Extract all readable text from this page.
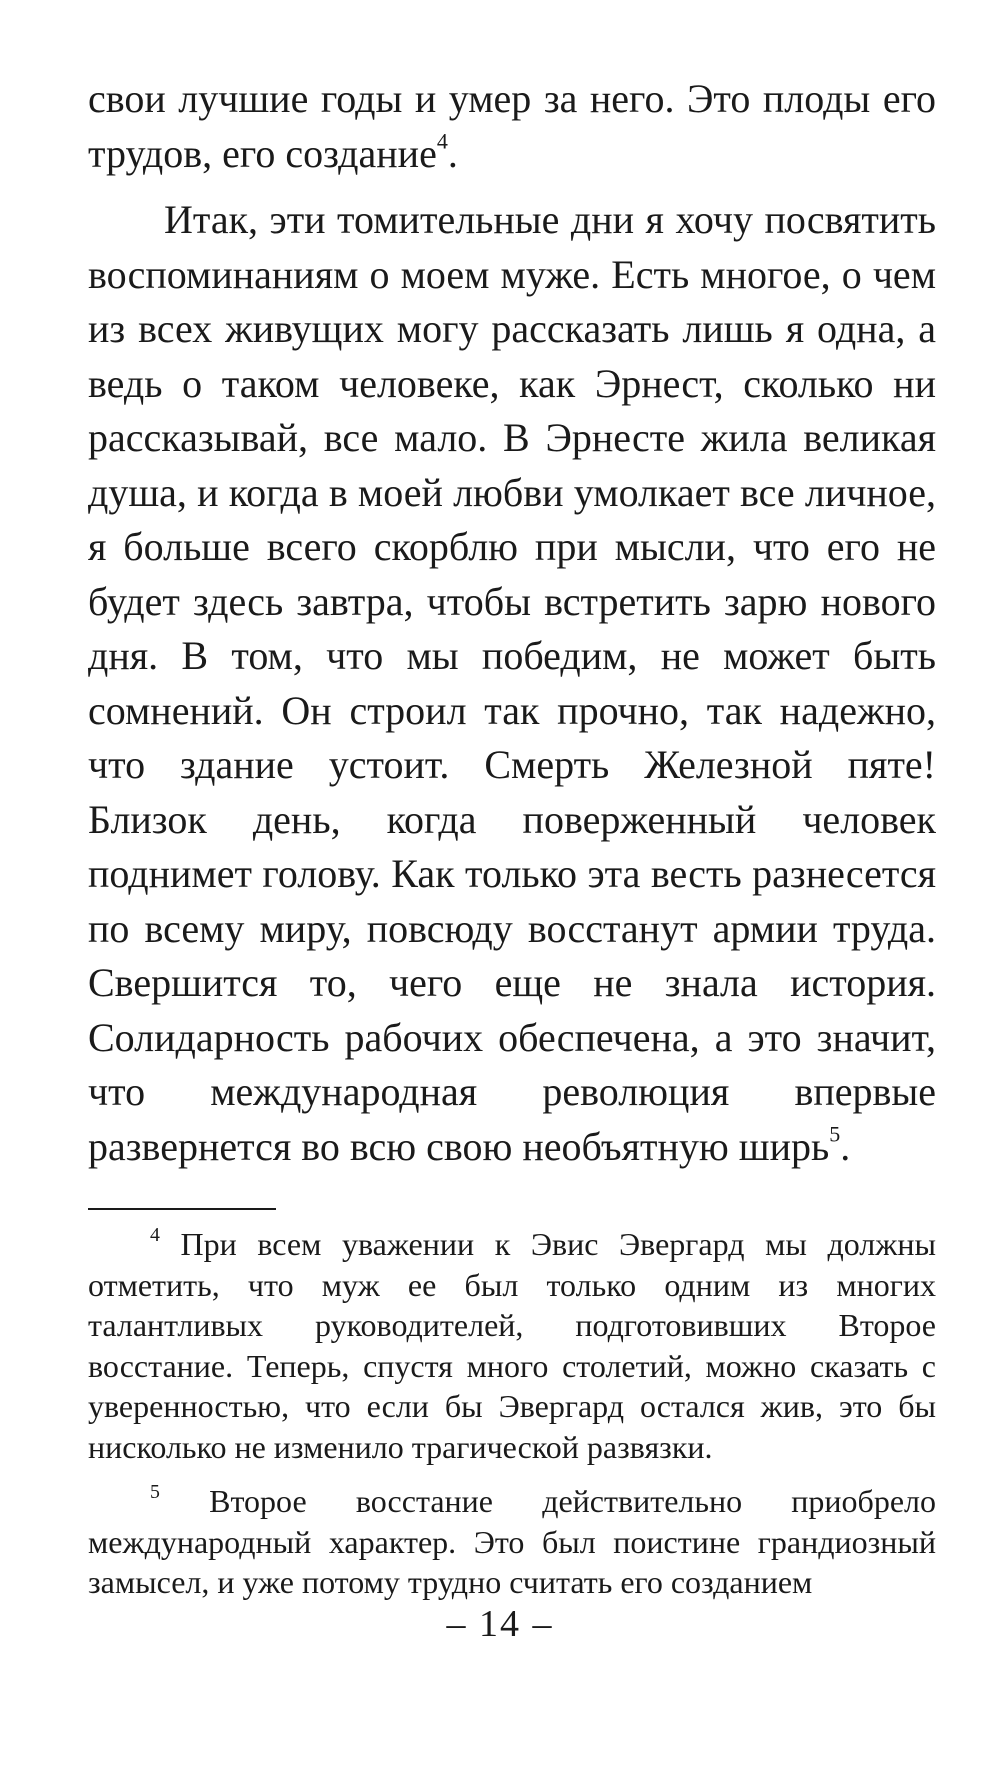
свои лучшие годы и умер за него. Это плоды его трудов, его создание$^4$.

Итак, эти томительные дни я хочу посвятить воспоминаниям о моем муже. Есть многое, о чем из всех живущих могу рассказать лишь я одна, а ведь о таком человеке, как Эрнест, сколько ни рассказывай, все мало. В Эрнесте жила великая душа, и когда в моей любви умолкает все личное, я больше всего скорблю при мысли, что его не будет здесь завтра, чтобы встретить зарю нового дня. В том, что мы победим, не может быть сомнений. Он строил так прочно, так надежно, что здание устоит. Смерть Железной пяте! Близок день, когда поверженный человек поднимет голову. Как только эта весть разнесется по всему миру, повсюду восстанут армии труда. Свершится то, чего еще не знала история. Солидарность рабочих обеспечена, а это значит, что международная революция впервые развернется во всю свою необъятную ширь$^5$.

$^4$ При всем уважении к Эвис Эвергард мы должны отметить, что муж ее был только одним из многих талантливых руководителей, подготовивших Второе восстание. Теперь, спустя много столетий, можно сказать с уверенностью, что если бы Эвергард остался жив, это бы нисколько не изменило трагической развязки.

$^5$ Второе восстание действительно приобрело международный характер. Это был поистине грандиозный замысел, и уже потому трудно считать его созданием

– 14 –
